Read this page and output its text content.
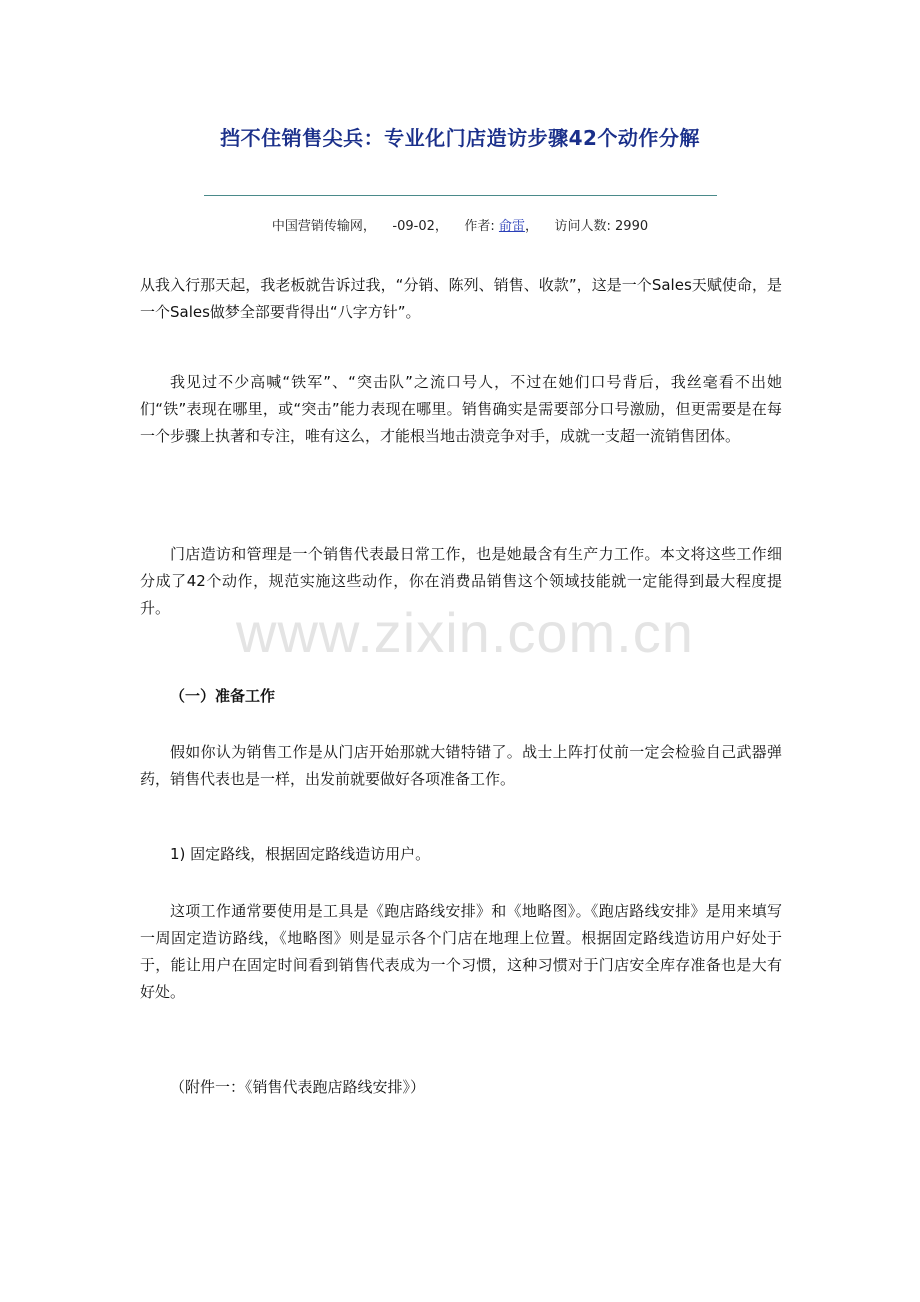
挡不住销售尖兵：专业化门店造访步骤42个动作分解
中国营销传输网， -09-02， 作者: 俞雷， 访问人数: 2990

从我入行那天起，我老板就告诉过我，“分销、陈列、销售、收款”，这是一个Sales天赋使命，是一个Sales做梦全部要背得出“八字方针”。

我见过不少高喊“铁军”、“突击队”之流口号人，不过在她们口号背后，我丝毫看不出她们“铁”表现在哪里，或“突击”能力表现在哪里。销售确实是需要部分口号激励，但更需要是在每一个步骤上执著和专注，唯有这么，才能根当地击溃竞争对手，成就一支超一流销售团体。

门店造访和管理是一个销售代表最日常工作，也是她最含有生产力工作。本文将这些工作细分成了42个动作，规范实施这些动作，你在消费品销售这个领域技能就一定能得到最大程度提升。	www.zixin.com.cn

（一）准备工作

假如你认为销售工作是从门店开始那就大错特错了。战士上阵打仗前一定会检验自己武器弹药，销售代表也是一样，出发前就要做好各项准备工作。

1) 固定路线，根据固定路线造访用户。

这项工作通常要使用是工具是《跑店路线安排》和《地略图》。《跑店路线安排》是用来填写一周固定造访路线，《地略图》则是显示各个门店在地理上位置。根据固定路线造访用户好处于于，能让用户在固定时间看到销售代表成为一个习惯，这种习惯对于门店安全库存准备也是大有好处。

（附件一：《销售代表跑店路线安排》）
